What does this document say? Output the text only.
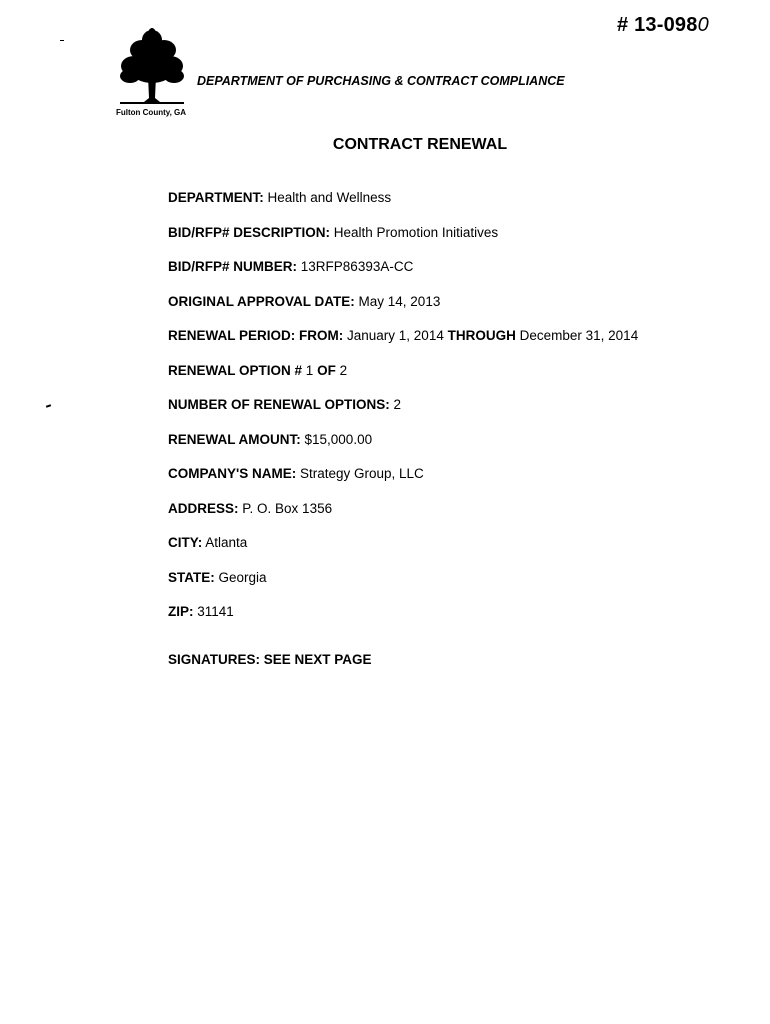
# 13-0980
Fulton County, GA
DEPARTMENT OF PURCHASING & CONTRACT COMPLIANCE
CONTRACT RENEWAL
DEPARTMENT: Health and Wellness
BID/RFP# DESCRIPTION: Health Promotion Initiatives
BID/RFP# NUMBER: 13RFP86393A-CC
ORIGINAL APPROVAL DATE: May 14, 2013
RENEWAL PERIOD: FROM: January 1, 2014 THROUGH December 31, 2014
RENEWAL OPTION # 1 OF 2
NUMBER OF RENEWAL OPTIONS: 2
RENEWAL AMOUNT: $15,000.00
COMPANY'S NAME: Strategy Group, LLC
ADDRESS: P. O. Box 1356
CITY: Atlanta
STATE: Georgia
ZIP: 31141
SIGNATURES: SEE NEXT PAGE
